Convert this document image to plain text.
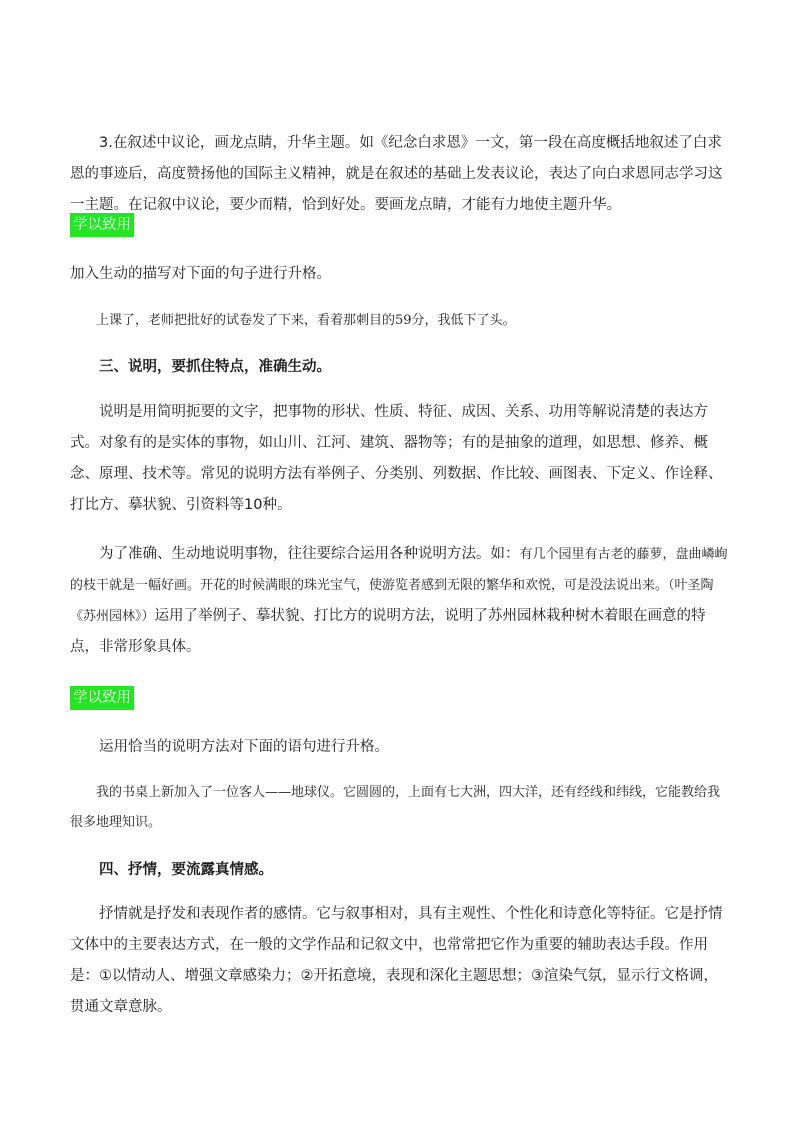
3.在叙述中议论，画龙点睛，升华主题。如《纪念白求恩》一文，第一段在高度概括地叙述了白求恩的事迹后，高度赞扬他的国际主义精神，就是在叙述的基础上发表议论，表达了向白求恩同志学习这一主题。在记叙中议论，要少而精，恰到好处。要画龙点睛，才能有力地使主题升华。

学以致用

加入生动的描写对下面的句子进行升格。

上课了，老师把批好的试卷发了下来，看着那刺目的59分，我低下了头。

三、说明，要抓住特点，准确生动。

说明是用简明扼要的文字，把事物的形状、性质、特征、成因、关系、功用等解说清楚的表达方式。对象有的是实体的事物，如山川、江河、建筑、器物等；有的是抽象的道理，如思想、修养、概念、原理、技术等。常见的说明方法有举例子、分类别、列数据、作比较、画图表、下定义、作诠释、打比方、摹状貌、引资料等10种。

为了准确、生动地说明事物，往往要综合运用各种说明方法。如：有几个园里有古老的藤萝，盘曲嶙峋的枝干就是一幅好画。开花的时候满眼的珠光宝气，使游览者感到无限的繁华和欢悦，可是没法说出来。（叶圣陶《苏州园林》）运用了举例子、摹状貌、打比方的说明方法，说明了苏州园林栽种树木着眼在画意的特点，非常形象具体。

学以致用

运用恰当的说明方法对下面的语句进行升格。

我的书桌上新加入了一位客人——地球仪。它圆圆的，上面有七大洲，四大洋，还有经线和纬线，它能教给我很多地理知识。

四、抒情，要流露真情感。

抒情就是抒发和表现作者的感情。它与叙事相对，具有主观性、个性化和诗意化等特征。它是抒情文体中的主要表达方式，在一般的文学作品和记叙文中，也常常把它作为重要的辅助表达手段。作用是：①以情动人、增强文章感染力；②开拓意境，表现和深化主题思想；③渲染气氛，显示行文格调，贯通文章意脉。
